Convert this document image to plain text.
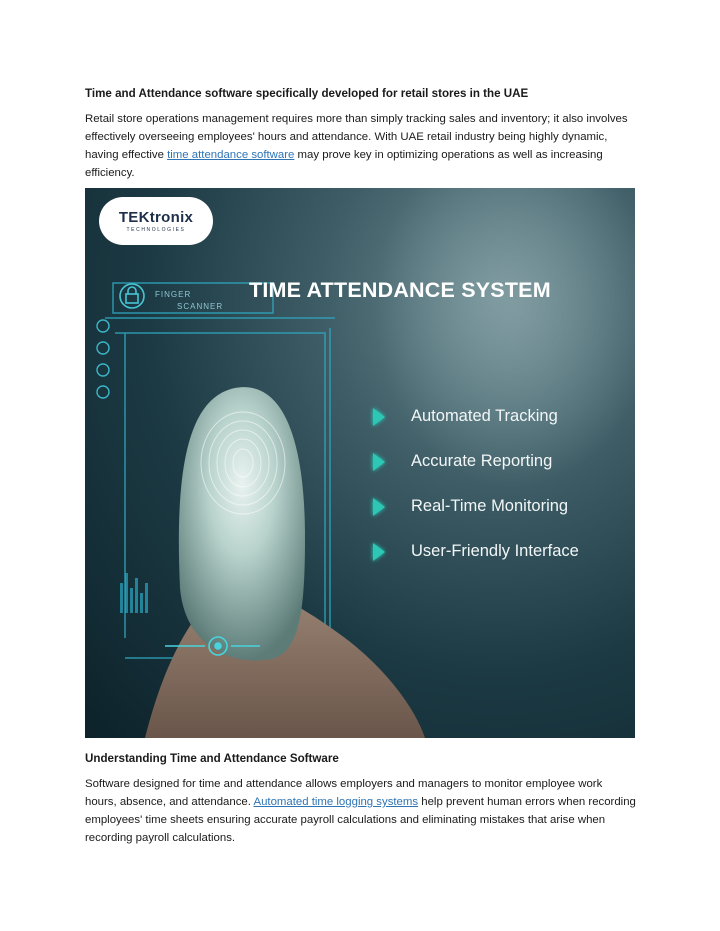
Time and Attendance software specifically developed for retail stores in the UAE

Retail store operations management requires more than simply tracking sales and inventory; it also involves effectively overseeing employees' hours and attendance. With UAE retail industry being highly dynamic, having effective time attendance software may prove key in optimizing operations as well as increasing efficiency.

TEKtronix
TECHNOLOGIES
FINGER
SCANNER
TIME ATTENDANCE SYSTEM
Automated Tracking
Accurate Reporting
Real-Time Monitoring
User-Friendly Interface
Understanding Time and Attendance Software

Software designed for time and attendance allows employers and managers to monitor employee work hours, absence, and attendance. Automated time logging systems help prevent human errors when recording employees' time sheets ensuring accurate payroll calculations and eliminating mistakes that arise when recording payroll calculations.
